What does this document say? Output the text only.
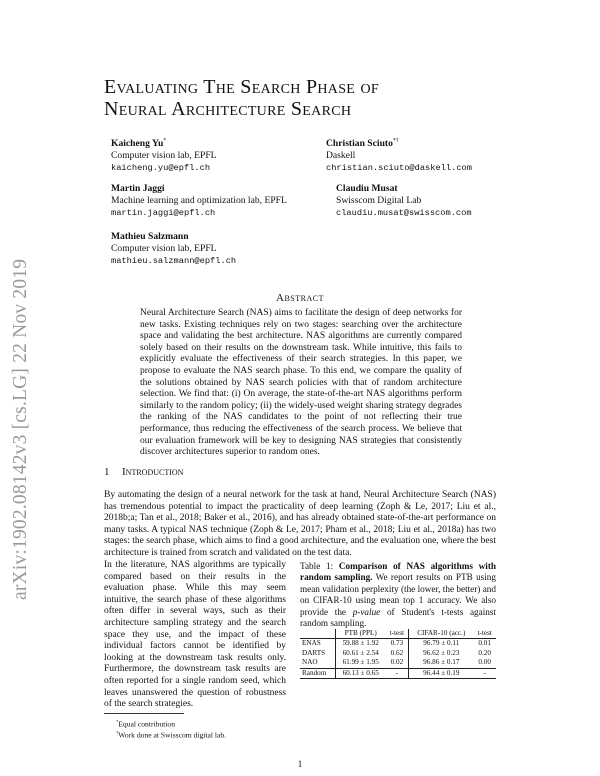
arXiv:1902.08142v3 [cs.LG] 22 Nov 2019
Evaluating The Search Phase of
Neural Architecture Search
Kaicheng Yu*
Computer vision lab, EPFL
kaicheng.yu@epfl.ch
Christian Sciuto*†
Daskell
christian.sciuto@daskell.com
Martin Jaggi
Machine learning and optimization lab, EPFL
martin.jaggi@epfl.ch
Claudiu Musat
Swisscom Digital Lab
claudiu.musat@swisscom.com
Mathieu Salzmann
Computer vision lab, EPFL
mathieu.salzmann@epfl.ch
Abstract
Neural Architecture Search (NAS) aims to facilitate the design of deep networks for new tasks. Existing techniques rely on two stages: searching over the architecture space and validating the best architecture. NAS algorithms are currently compared solely based on their results on the downstream task. While intuitive, this fails to explicitly evaluate the effectiveness of their search strategies. In this paper, we propose to evaluate the NAS search phase. To this end, we compare the quality of the solutions obtained by NAS search policies with that of random architecture selection. We find that: (i) On average, the state-of-the-art NAS algorithms perform similarly to the random policy; (ii) the widely-used weight sharing strategy degrades the ranking of the NAS candidates to the point of not reflecting their true performance, thus reducing the effectiveness of the search process. We believe that our evaluation framework will be key to designing NAS strategies that consistently discover architectures superior to random ones.
1 Introduction
By automating the design of a neural network for the task at hand, Neural Architecture Search (NAS) has tremendous potential to impact the practicality of deep learning (Zoph & Le, 2017; Liu et al., 2018b;a; Tan et al., 2018; Baker et al., 2016), and has already obtained state-of-the-art performance on many tasks. A typical NAS technique (Zoph & Le, 2017; Pham et al., 2018; Liu et al., 2018a) has two stages: the search phase, which aims to find a good architecture, and the evaluation one, where the best architecture is trained from scratch and validated on the test data.
In the literature, NAS algorithms are typically compared based on their results in the evaluation phase. While this may seem intuitive, the search phase of these algorithms often differ in several ways, such as their architecture sampling strategy and the search space they use, and the impact of these individual factors cannot be identified by looking at the downstream task results only. Furthermore, the downstream task results are often reported for a single random seed, which leaves unanswered the question of robustness of the search strategies.
Table 1: Comparison of NAS algorithms with random sampling. We report results on PTB using mean validation perplexity (the lower, the better) and on CIFAR-10 using mean top 1 accuracy. We also provide the p-value of Student's t-tests against random sampling.
	PTB (PPL)	t-test	CIFAR-10 (acc.)	t-test
ENAS	59.88 ± 1.92	0.73	96.79 ± 0.11	0.01
DARTS	60.61 ± 2.54	0.62	96.62 ± 0.23	0.20
NAO	61.99 ± 1.95	0.02	96.86 ± 0.17	0.00
Random	60.13 ± 0.65	-	96.44 ± 0.19	-
*Equal contribution
†Work done at Swisscom digital lab.
1
